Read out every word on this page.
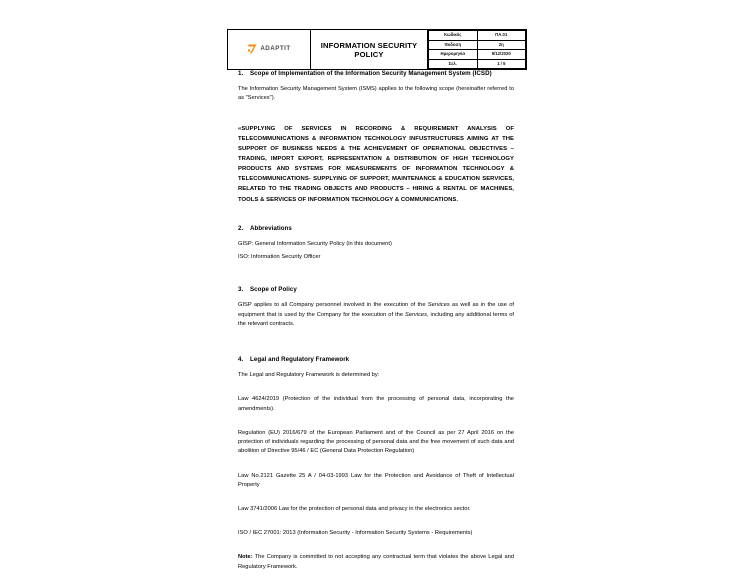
ADAPTIT	INFORMATION SECURITY POLICY	
Κωδικός	ΠΑ.01
Έκδοση	2η
Ημερομηνία	9/12/2020
Σελ.	1 / 5
1. Scope of Implementation of the Information Security Management System (ICSD)

The Information Security Management System (ISMS) applies to the following scope (hereinafter referred to as "Services").

«SUPPLYING OF SERVICES IN RECORDING & REQUIREMENT ANALYSIS OF TELECOMMUNICATIONS & INFORMATION TECHNOLOGY INFUSTRUCTURES AIMING AT THE SUPPORT OF BUSINESS NEEDS & THE ACHIEVEMENT OF OPERATIONAL OBJECTIVES – TRADING, IMPORT EXPORT, REPRESENTATION & DISTRIBUTION OF HIGH TECHNOLOGY PRODUCTS AND SYSTEMS FOR MEASUREMENTS OF INFORMATION TECHNOLOGY & TELECOMMUNICATIONS- SUPPLYING OF SUPPORT, MAINTENANCE & EDUCATION SERVICES, RELATED TO THE TRADING OBJECTS AND PRODUCTS – HIRING & RENTAL OF MACHINES, TOOLS & SERVICES OF INFORMATION TECHNOLOGY & COMMUNICATIONS.

2. Abbreviations

GISP: General Information Security Policy (in this document)

ISO: Information Security Officer

3. Scope of Policy

GISP applies to all Company personnel involved in the execution of the Services as well as in the use of equipment that is used by the Company for the execution of the Services, including any additional terms of the relevant contracts.

4. Legal and Regulatory Framework

The Legal and Regulatory Framework is determined by:

Law 4624/2019 (Protection of the individual from the processing of personal data, incorporating the amendments).

Regulation (EU) 2016/679 of the European Parliament and of the Council as per 27 April 2016 on the protection of individuals regarding the processing of personal data and the free movement of such data and abolition of Directive 95/46 / EC (General Data Protection Regulation)

Law No.2121 Gazette 25 A / 04-03-1993 Law for the Protection and Avoidance of Theft of Intellectual Property

Law 3741/2006 Law for the protection of personal data and privacy in the electronics sector.

ISO / IEC 27001: 2013 (Information Security - Information Security Systems - Requirements)

Note: The Company is committed to not accepting any contractual term that violates the above Legal and Regulatory Framework.
